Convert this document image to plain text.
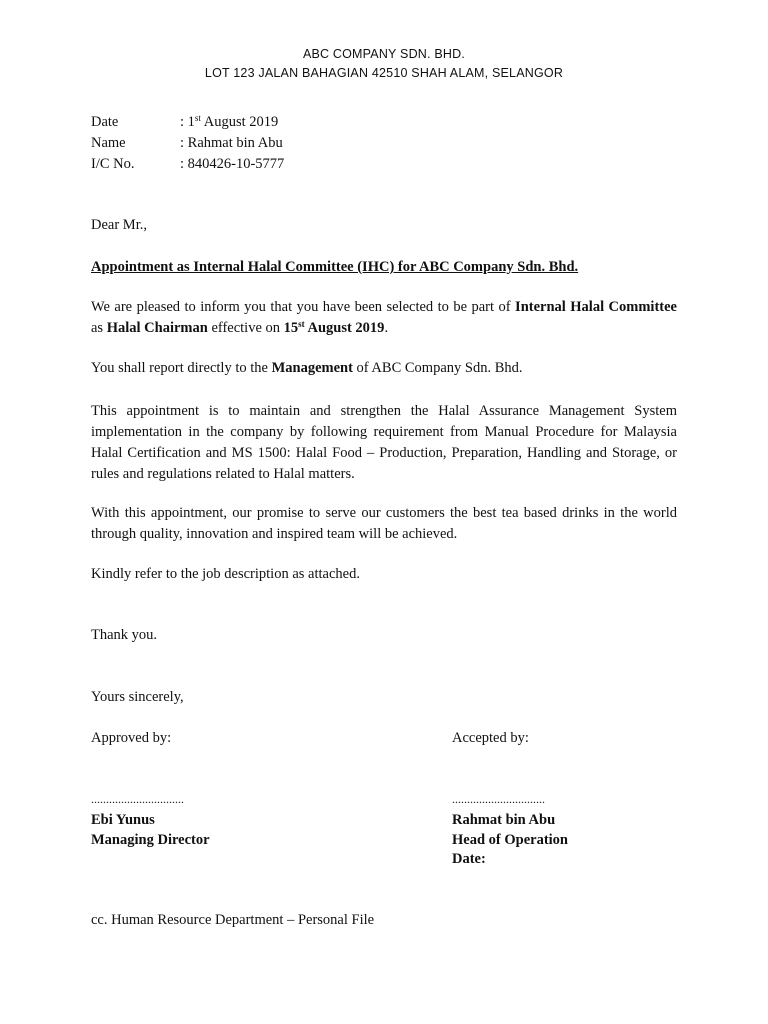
ABC COMPANY SDN. BHD.
LOT 123 JALAN BAHAGIAN 42510 SHAH ALAM, SELANGOR
Date	: 1st August 2019
Name	: Rahmat bin Abu
I/C No.	: 840426-10-5777
Dear Mr.,
Appointment as Internal Halal Committee (IHC) for ABC Company Sdn. Bhd.
We are pleased to inform you that you have been selected to be part of Internal Halal Committee as Halal Chairman effective on 15st August 2019.
You shall report directly to the Management of ABC Company Sdn. Bhd.
This appointment is to maintain and strengthen the Halal Assurance Management System implementation in the company by following requirement from Manual Procedure for Malaysia Halal Certification and MS 1500: Halal Food – Production, Preparation, Handling and Storage, or rules and regulations related to Halal matters.
With this appointment, our promise to serve our customers the best tea based drinks in the world through quality, innovation and inspired team will be achieved.
Kindly refer to the job description as attached.
Thank you.
Yours sincerely,
Approved by:
...............................
Ebi Yunus
Managing Director
Accepted by:
...............................
Rahmat bin Abu
Head of Operation
Date:
cc. Human Resource Department – Personal File
